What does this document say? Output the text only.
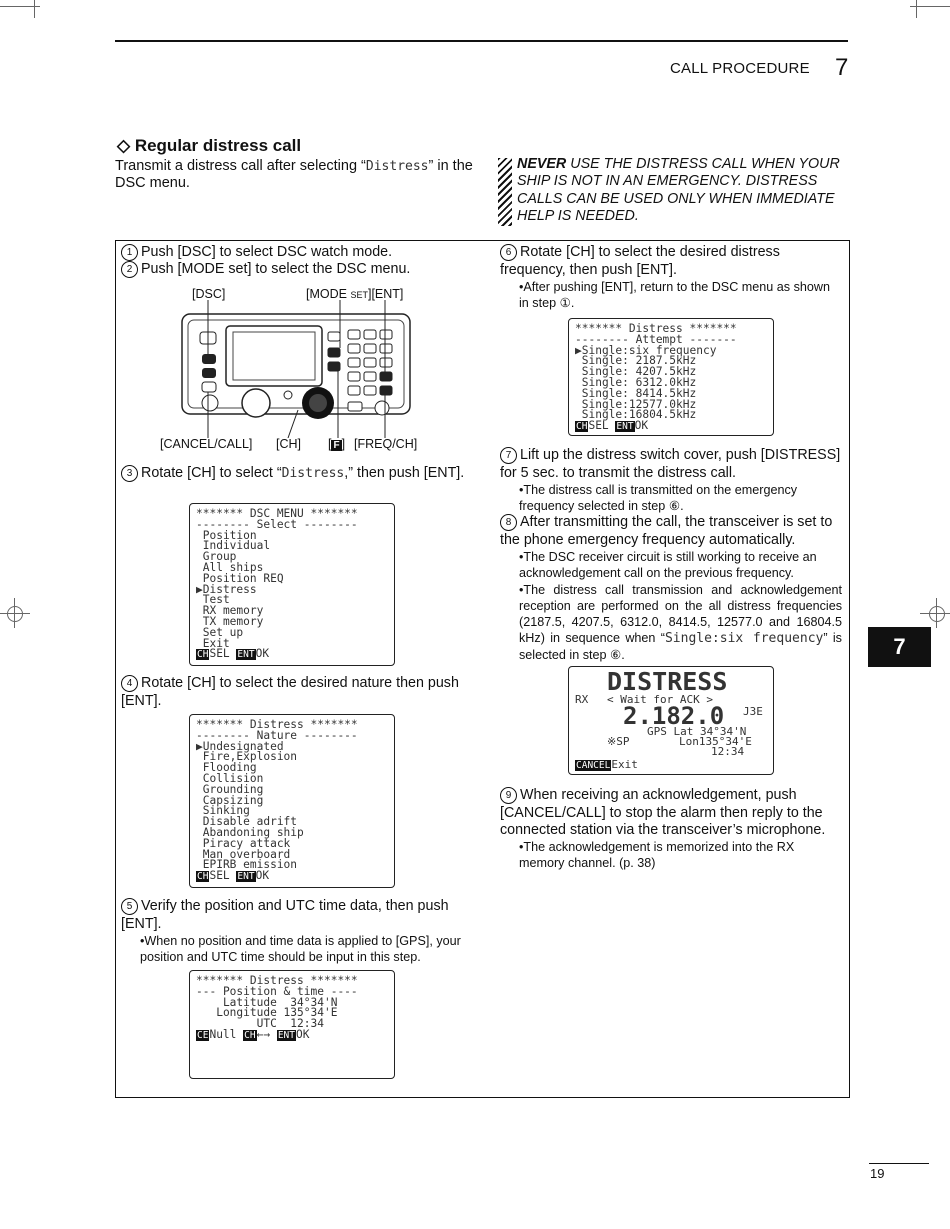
CALL PROCEDURE 7
◇ Regular distress call
Transmit a distress call after selecting “Distress” in the DSC menu.
NEVER USE THE DISTRESS CALL WHEN YOUR SHIP IS NOT IN AN EMERGENCY. DISTRESS CALLS CAN BE USED ONLY WHEN IMMEDIATE HELP IS NEEDED.
1 Push [DSC] to select DSC watch mode.
2 Push [MODE set] to select the DSC menu.
[DSC]	[MODE SET][ENT]
[CANCEL/CALL] [CH] [ F ] [FREQ/CH]
3 Rotate [CH] to select “Distress,” then push [ENT].
******* DSC MENU *******
-------- Select --------
Position
Individual
Group
All ships
Position REQ
▶Distress
Test
RX memory
TX memory
Set up
Exit
CHSEL ENTOK
4 Rotate [CH] to select the desired nature then push [ENT].
******* Distress *******
-------- Nature --------
▶Undesignated
Fire,Explosion
Flooding
Collision
Grounding
Capsizing
Sinking
Disable adrift
Abandoning ship
Piracy attack
Man overboard
EPIRB emission
CHSEL ENTOK
5 Verify the position and UTC time data, then push [ENT].
•When no position and time data is applied to [GPS], your position and UTC time should be input in this step.
******* Distress *******
--- Position & time ----
Latitude  34°34'N
Longitude 135°34'E
UTC  12:34
CENull CH←→ ENTOK
6 Rotate [CH] to select the desired distress frequency, then push [ENT].
•After pushing [ENT], return to the DSC menu as shown in step ①.
******* Distress *******
-------- Attempt -------
▶Single:six frequency
Single: 2187.5kHz
Single: 4207.5kHz
Single: 6312.0kHz
Single: 8414.5kHz
Single:12577.0kHz
Single:16804.5kHz
CHSEL ENTOK
7 Lift up the distress switch cover, push [DISTRESS] for 5 sec. to transmit the distress call.
•The distress call is transmitted on the emergency frequency selected in step ⑥.
8 After transmitting the call, the transceiver is set to the phone emergency frequency automatically.
•The DSC receiver circuit is still working to receive an acknowledgement call on the previous frequency.
•The distress call transmission and acknowledgement reception are performed on the all distress frequencies (2187.5, 4207.5, 6312.0, 8414.5, 12577.0 and 16804.5 kHz) in sequence when “Single:six frequency” is selected in step ⑥.

DISTRESS

RX

< Wait for ACK >

2.182.0

J3E

GPS Lat 34°34'N

※SP

	Lon135°34'E

12:34

CANCELExit

9 When receiving an acknowledgement, push [CANCEL/CALL] to stop the alarm then reply to the connected station via the transceiver’s microphone.
•The acknowledgement is memorized into the RX memory channel. (p. 38)
7
19
